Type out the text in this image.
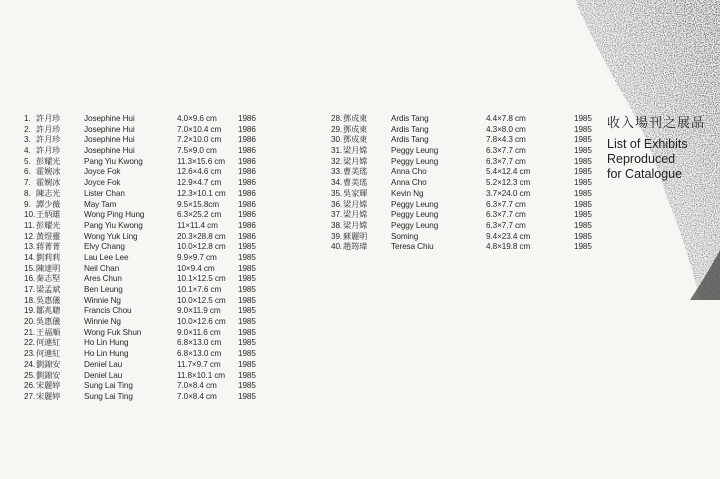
1. 許月珍	Josephine Hui	4.0×9.6 cm	1986
2. 許月珍	Josephine Hui	7.0×10.4 cm	1986
3. 許月珍	Josephine Hui	7.2×10.0 cm	1986
4. 許月珍	Josephine Hui	7.5×9.0 cm	1986
5. 彭耀光	Pang Yiu Kwong	11.3×15.6 cm	1986
6. 霍婉冰	Joyce Fok	12.6×4.6 cm	1986
7. 霍婉冰	Joyce Fok	12.9×4.7 cm	1986
8. 陳志光	Lister Chan	12.3×10.1 cm	1986
9. 譚少薇	May Tam	9.5×15.8cm	1986
10. 王炳雄	Wong Ping Hung	6.3×25.2 cm	1986
11. 彭耀光	Pang Yiu Kwong	11×11.4 cm	1986
12. 黃煜靈	Wong Yuk Ling	20.3×28.8 cm	1986
13. 蔣菁菁	Elvy Chang	10.0×12.8 cm	1985
14. 劉莉莉	Lau Lee Lee	9.9×9.7 cm	1985
15. 陳達明	Neil Chan	10×9.4 cm	1985
16. 秦志堅	Ares Chun	10.1×12.5 cm	1985
17. 梁孟斌	Ben Leung	10.1×7.6 cm	1985
18. 吳惠儀	Winnie Ng	10.0×12.5 cm	1985
19. 鄒兆聰	Francis Chou	9.0×11.9 cm	1985
20. 吳惠儀	Winnie Ng	10.0×12.6 cm	1985
21. 王福順	Wong Fuk Shun	9.0×11.6 cm	1985
22. 何連紅	Ho Lin Hung	6.8×13.0 cm	1985
23. 何連紅	Ho Lin Hung	6.8×13.0 cm	1985
24. 劉錦安	Deniel Lau	11.7×9.7 cm	1985
25. 劉錦安	Deniel Lau	11.8×10.1 cm	1985
26. 宋麗婷	Sung Lai Ting	7.0×8.4 cm	1985
27. 宋麗婷	Sung Lai Ting	7.0×8.4 cm	1985
28. 鄧成東	Ardis Tang	4.4×7.8 cm	1985
29. 鄧成東	Ardis Tang	4.3×8.0 cm	1985
30. 鄧成東	Ardis Tang	7.8×4.3 cm	1985
31. 梁月嫦	Peggy Leung	6.3×7.7 cm	1985
32. 梁月嫦	Peggy Leung	6.3×7.7 cm	1985
33. 曹美瑤	Anna Cho	5.4×12.4 cm	1985
34. 曹美瑤	Anna Cho	5.2×12.3 cm	1985
35. 吳家輝	Kevin Ng	3.7×24.0 cm	1985
36. 梁月嫦	Peggy Leung	6.3×7.7 cm	1985
37. 梁月嫦	Peggy Leung	6.3×7.7 cm	1985
38. 梁月嫦	Peggy Leung	6.3×7.7 cm	1985
39. 蘇麗明	Soming	9.4×23.4 cm	1985
40. 趙筠瑋	Teresa Chiu	4.8×19.8 cm	1985
收入場刊之展品
List of Exhibits
Reproduced
for Catalogue
